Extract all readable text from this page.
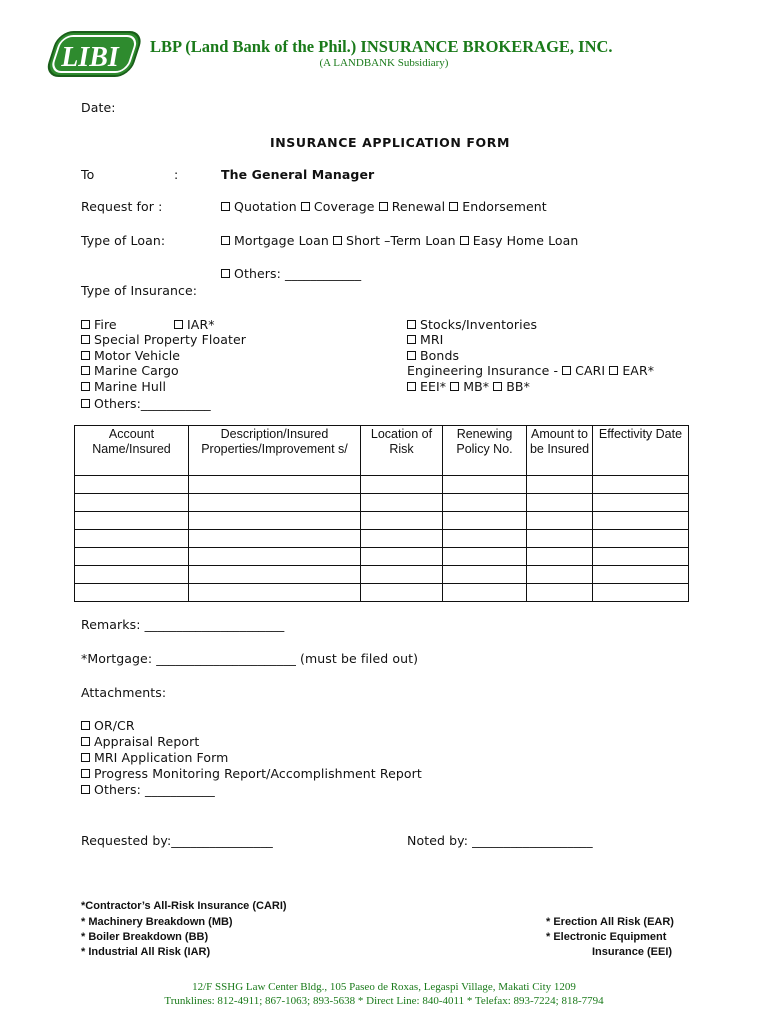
LIBI LBP (Land Bank of the Phil.) INSURANCE BROKERAGE, INC.
(A LANDBANK Subsidiary)
Date:
INSURANCE APPLICATION FORM
To	:	The General Manager
Request for :	Quotation Coverage Renewal Endorsement
Type of Loan:	Mortgage Loan Short –Term Loan Easy Home Loan
Others: ____________
Type of Insurance:
Fire	IAR*
Special Property Floater
Motor Vehicle
Marine Cargo
Marine Hull
Others:___________
Stocks/Inventories
MRI
Bonds
Engineering Insurance - CARI EAR*
EEI* MB* BB*
Account Name/Insured	Description/Insured Properties/Improvement s/	Location of Risk	Renewing Policy No.	Amount to be Insured	Effectivity Date

Remarks: ______________________
*Mortgage: ______________________ (must be filed out)
Attachments:
OR/CR
Appraisal Report
MRI Application Form
Progress Monitoring Report/Accomplishment Report
Others: ___________
Requested by:________________	Noted by: ___________________
*Contractor’s All-Risk Insurance (CARI)
* Machinery Breakdown (MB)
* Boiler Breakdown (BB)
* Industrial All Risk (IAR)
* Erection All Risk (EAR)
* Electronic Equipment
Insurance (EEI)
12/F SSHG Law Center Bldg., 105 Paseo de Roxas, Legaspi Village, Makati City 1209
Trunklines: 812-4911; 867-1063; 893-5638 * Direct Line: 840-4011 * Telefax: 893-7224; 818-7794
